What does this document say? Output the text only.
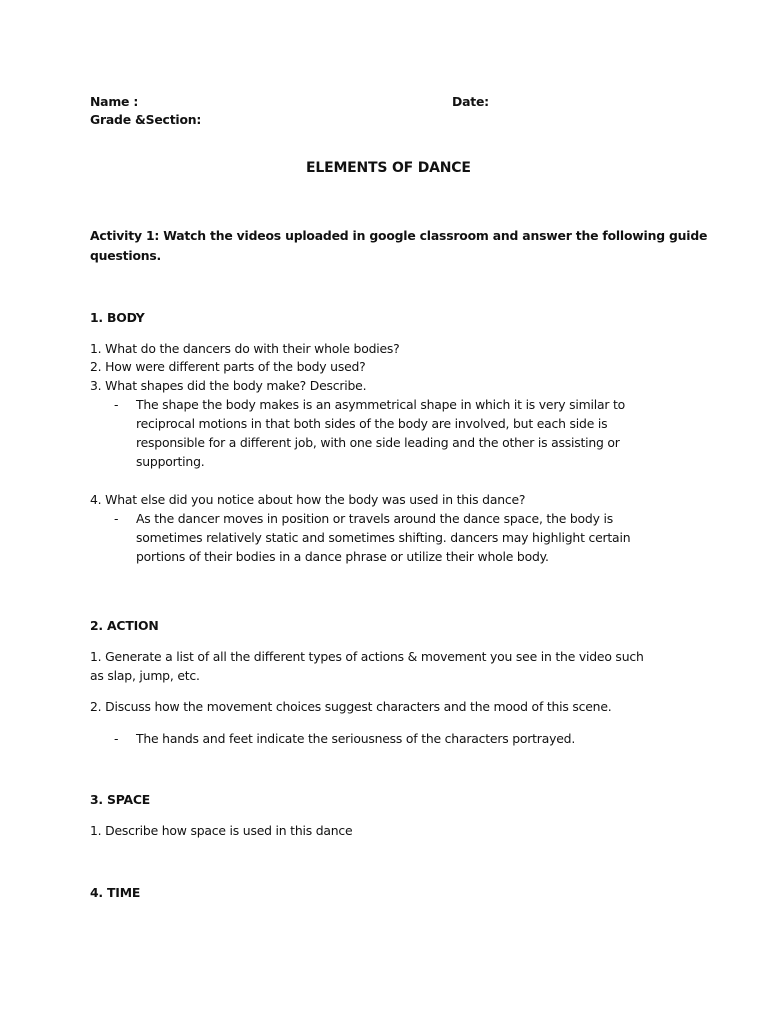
Name :	Date:
Grade &Section:
ELEMENTS OF DANCE
Activity 1: Watch the videos uploaded in google classroom and answer the following guide
questions.
1. BODY
1. What do the dancers do with their whole bodies?
2. How were different parts of the body used?
3. What shapes did the body make? Describe.
- The shape the body makes is an asymmetrical shape in which it is very similar to
reciprocal motions in that both sides of the body are involved, but each side is
responsible for a different job, with one side leading and the other is assisting or
supporting.
4. What else did you notice about how the body was used in this dance?
- As the dancer moves in position or travels around the dance space, the body is
sometimes relatively static and sometimes shifting. dancers may highlight certain
portions of their bodies in a dance phrase or utilize their whole body.
2. ACTION
1. Generate a list of all the different types of actions & movement you see in the video such
as slap, jump, etc.
2. Discuss how the movement choices suggest characters and the mood of this scene.
- The hands and feet indicate the seriousness of the characters portrayed.
3. SPACE
1. Describe how space is used in this dance
4. TIME
